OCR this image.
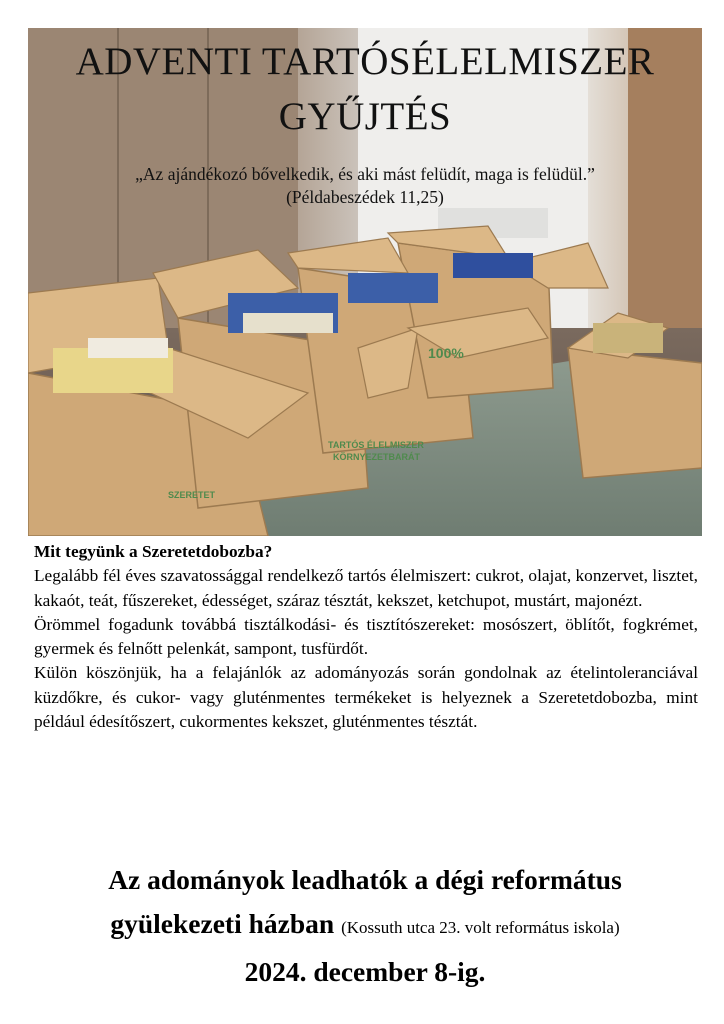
SZERETET
TARTÓS ÉLELMISZER
KÖRNYEZETBARÁT
100%
ADVENTI TARTÓSÉLELMISZER
GYŰJTÉS
„Az ajándékozó bővelkedik, és aki mást felüdít, maga is felüdül.”
(Példabeszédek 11,25)
Mit tegyünk a Szeretetdobozba?

Legalább fél éves szavatossággal rendelkező tartós élelmiszert: cukrot, olajat, konzervet, lisztet, kakaót, teát, fűszereket, édességet, száraz tésztát, kekszet, ketchupot, mustárt, majonézt.

Örömmel fogadunk továbbá tisztálkodási- és tisztítószereket: mosószert, öblítőt, fogkrémet, gyermek és felnőtt pelenkát, sampont, tusfürdőt.

Külön köszönjük, ha a felajánlók az adományozás során gondolnak az ételintoleranciával küzdőkre, és cukor- vagy gluténmentes termékeket is helyeznek a Szeretetdobozba, mint például édesítőszert, cukormentes kekszet, gluténmentes tésztát.

Az adományok leadhatók a dégi református
gyülekezeti házban (Kossuth utca 23. volt református iskola)
2024. december 8-ig.
